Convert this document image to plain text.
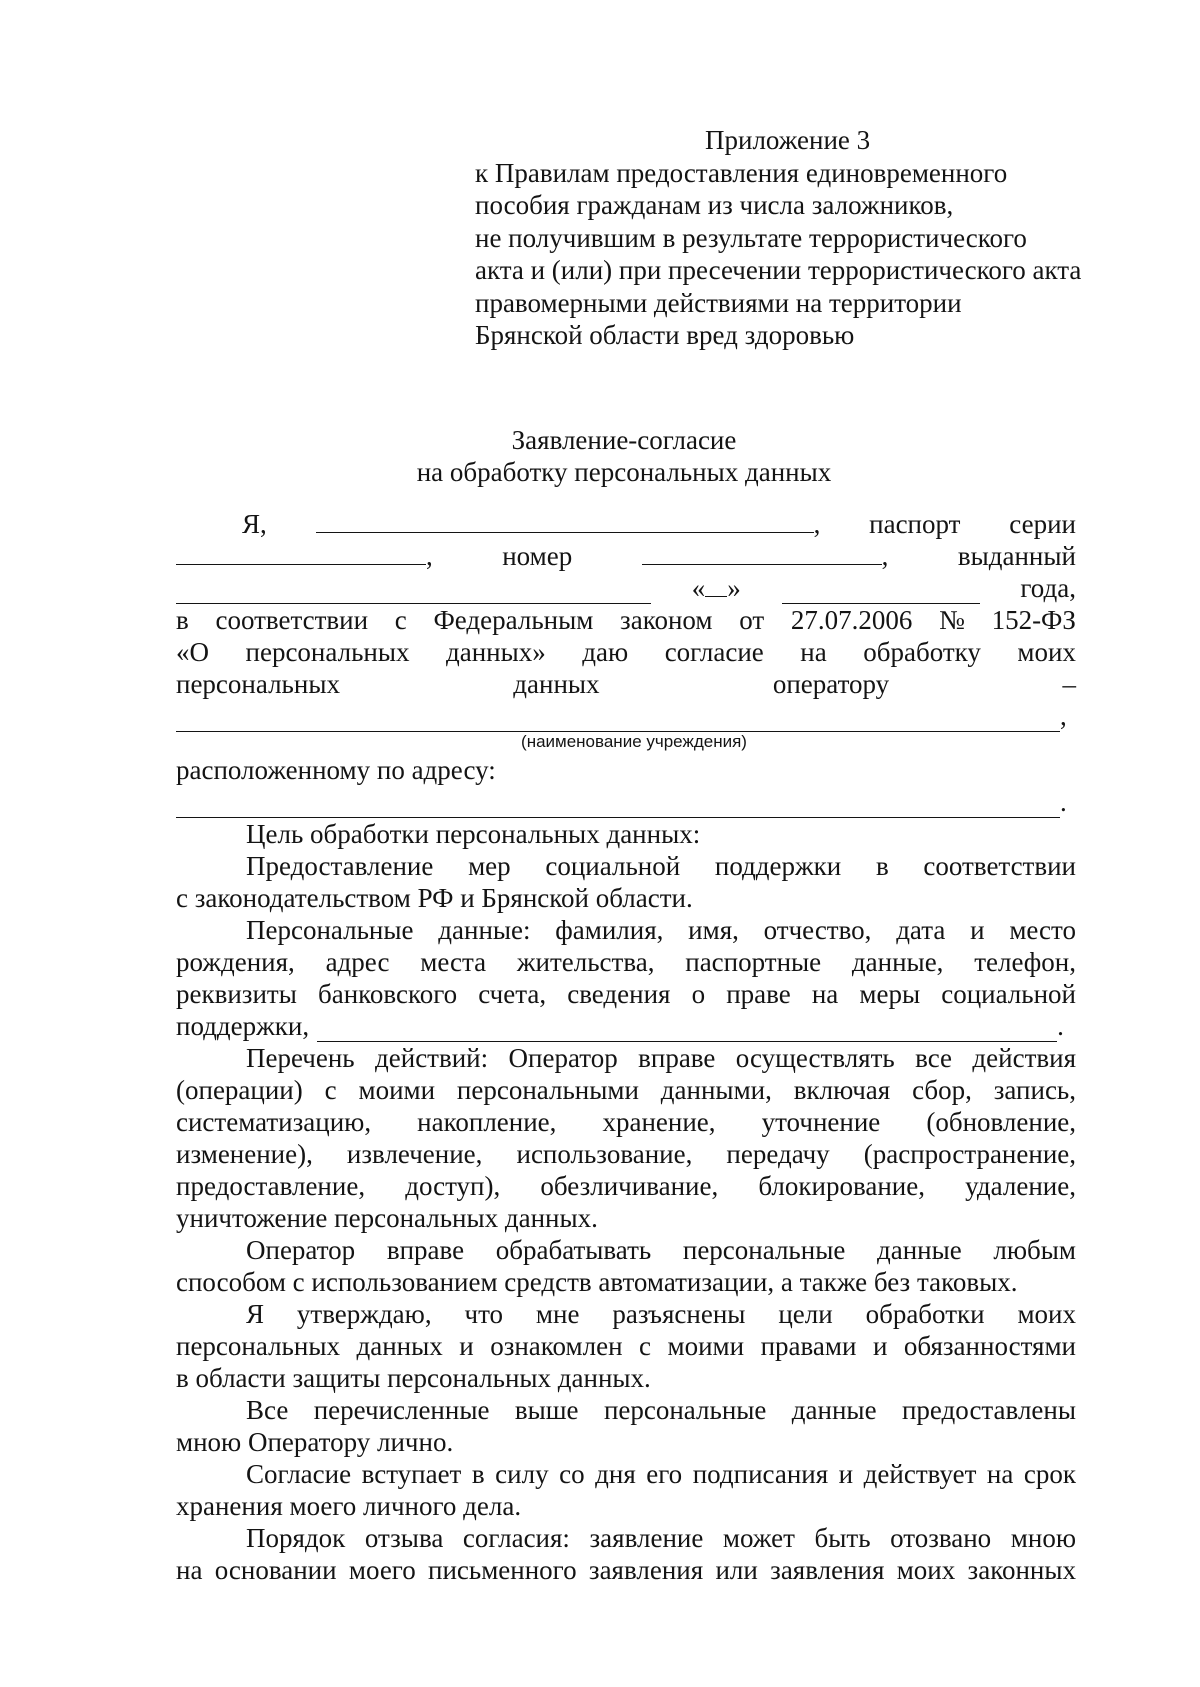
Приложение 3
к Правилам предоставления единовременного
пособия гражданам из числа заложников,
не получившим в результате террористического
акта и (или) при пресечении террористического акта
правомерными действиями на территории
Брянской области вред здоровью
Заявление-согласие
на обработку персональных данных
Я,	, паспорт серии
,	номер	,	выданный
« »	года,
в соответствии с Федеральным законом от 27.07.2006 № 152-ФЗ
«О персональных данных» даю согласие на обработку моих
персональных	данных	оператору	–
,
(наименование учреждения)
расположенному по адресу:
.
Цель обработки персональных данных:
Предоставление мер социальной поддержки в соответствии
с законодательством РФ и Брянской области.
Персональные данные: фамилия, имя, отчество, дата и место
рождения, адрес места жительства, паспортные данные, телефон,
реквизиты банковского счета, сведения о праве на меры социальной
поддержки,	.
Перечень действий: Оператор вправе осуществлять все действия
(операции) с моими персональными данными, включая сбор, запись,
систематизацию, накопление, хранение, уточнение (обновление,
изменение), извлечение, использование, передачу (распространение,
предоставление, доступ), обезличивание, блокирование, удаление,
уничтожение персональных данных.
Оператор вправе обрабатывать персональные данные любым
способом с использованием средств автоматизации, а также без таковых.
Я утверждаю, что мне разъяснены цели обработки моих
персональных данных и ознакомлен с моими правами и обязанностями
в области защиты персональных данных.
Все перечисленные выше персональные данные предоставлены
мною Оператору лично.
Согласие вступает в силу со дня его подписания и действует на срок
хранения моего личного дела.
Порядок отзыва согласия: заявление может быть отозвано мною
на основании моего письменного заявления или заявления моих законных
